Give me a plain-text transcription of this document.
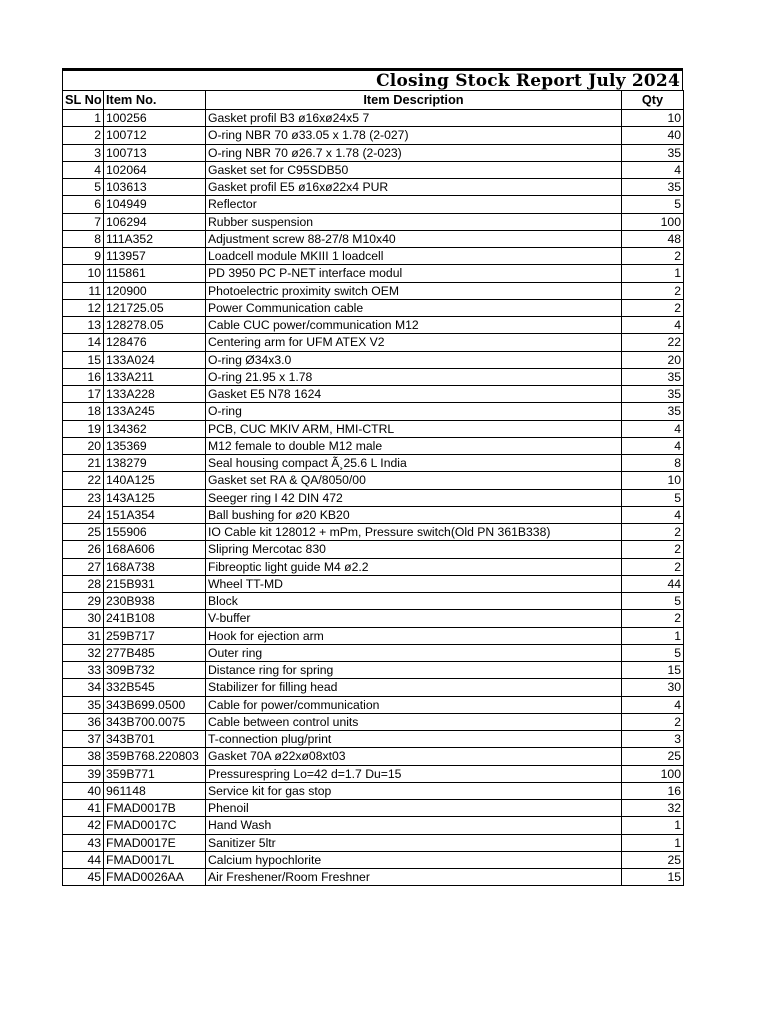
Closing Stock Report July 2024
SL No	Item No.	Item Description	Qty
1	100256	Gasket profil B3 ø16xø24x5 7	10
2	100712	O-ring NBR 70 ø33.05 x 1.78 (2-027)	40
3	100713	O-ring NBR 70 ø26.7 x 1.78 (2-023)	35
4	102064	Gasket set for C95SDB50	4
5	103613	Gasket profil E5 ø16xø22x4 PUR	35
6	104949	Reflector	5
7	106294	Rubber suspension	100
8	111A352	Adjustment screw 88-27/8 M10x40	48
9	113957	Loadcell module MKIII 1 loadcell	2
10	115861	PD 3950 PC P-NET interface modul	1
11	120900	Photoelectric proximity switch OEM	2
12	121725.05	Power Communication cable	2
13	128278.05	Cable CUC power/communication M12	4
14	128476	Centering arm for UFM ATEX V2	22
15	133A024	O-ring Ø34x3.0	20
16	133A211	O-ring 21.95 x 1.78	35
17	133A228	Gasket E5 N78 1624	35
18	133A245	O-ring	35
19	134362	PCB, CUC MKIV ARM, HMI-CTRL	4
20	135369	M12 female to double M12 male	4
21	138279	Seal housing compact Ã¸25.6 L India	8
22	140A125	Gasket set RA & QA/8050/00	10
23	143A125	Seeger ring I 42 DIN 472	5
24	151A354	Ball bushing for ø20 KB20	4
25	155906	IO Cable kit 128012 + mPm, Pressure switch(Old PN 361B338)	2
26	168A606	Slipring Mercotac 830	2
27	168A738	Fibreoptic light guide M4 ø2.2	2
28	215B931	Wheel TT-MD	44
29	230B938	Block	5
30	241B108	V-buffer	2
31	259B717	Hook for ejection arm	1
32	277B485	Outer ring	5
33	309B732	Distance ring for spring	15
34	332B545	Stabilizer for filling head	30
35	343B699.0500	Cable for power/communication	4
36	343B700.0075	Cable between control units	2
37	343B701	T-connection plug/print	3
38	359B768.220803	Gasket 70A ø22xø08xt03	25
39	359B771	Pressurespring Lo=42 d=1.7 Du=15	100
40	961148	Service kit for gas stop	16
41	FMAD0017B	Phenoil	32
42	FMAD0017C	Hand Wash	1
43	FMAD0017E	Sanitizer 5ltr	1
44	FMAD0017L	Calcium hypochlorite	25
45	FMAD0026AA	Air Freshener/Room Freshner	15
